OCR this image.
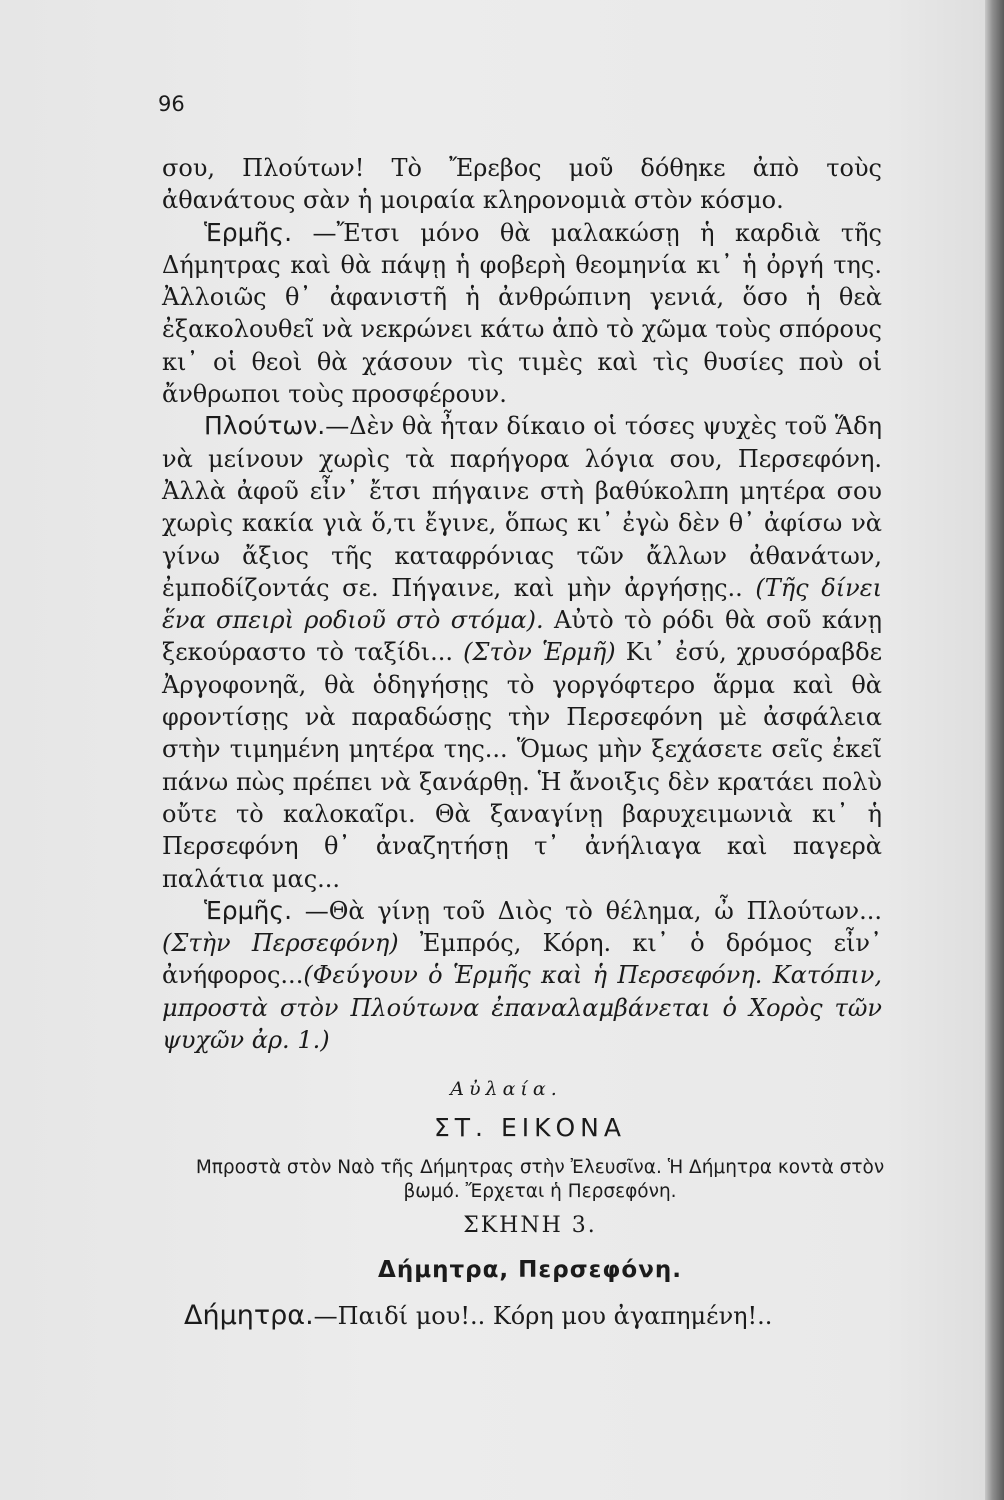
96

σου, Πλούτων! Τὸ Ἔρεβος μοῦ δόθηκε ἀπὸ τοὺς ἀθανάτους σὰν ἡ μοιραία κληρονομιὰ στὸν κόσμο.

Ἑρμῆς. —Ἔτσι μόνο θὰ μαλακώσῃ ἡ καρδιὰ τῆς Δήμητρας καὶ θὰ πάψῃ ἡ φοβερὴ θεομηνία κι᾿ ἡ ὀργή της. Ἀλλοιῶς θ᾿ ἀφανιστῆ ἡ ἀνθρώπινη γενιά, ὅσο ἡ θεὰ ἐξακολουθεῖ νὰ νεκρώνει κάτω ἀπὸ τὸ χῶμα τοὺς σπόρους κι᾿ οἱ θεοὶ θὰ χάσουν τὶς τιμὲς καὶ τὶς θυσίες ποὺ οἱ ἄνθρωποι τοὺς προσφέρουν.

Πλούτων.—Δὲν θὰ ἦταν δίκαιο οἱ τόσες ψυχὲς τοῦ Ἅδη νὰ μείνουν χωρὶς τὰ παρήγορα λόγια σου, Περσεφόνη. Ἀλλὰ ἀφοῦ εἶν᾿ ἔτσι πήγαινε στὴ βαθύκολπη μητέρα σου χωρὶς κακία γιὰ ὅ,τι ἔγινε, ὅπως κι᾿ ἐγὼ δὲν θ᾿ ἀφίσω νὰ γίνω ἄξιος τῆς καταφρόνιας τῶν ἄλλων ἀθανάτων, ἐμποδίζοντάς σε. Πήγαινε, καὶ μὴν ἀργήσῃς.. (Τῆς δίνει ἕνα σπειρὶ ροδιοῦ στὸ στόμα). Αὐτὸ τὸ ρόδι θὰ σοῦ κάνῃ ξεκούραστο τὸ ταξίδι... (Στὸν Ἑρμῆ) Κι᾿ ἐσύ, χρυσόραβδε Ἀργοφονηᾶ, θὰ ὁδηγήσῃς τὸ γοργόφτερο ἅρμα καὶ θὰ φροντίσῃς νὰ παραδώσῃς τὴν Περσεφόνη μὲ ἀσφάλεια στὴν τιμημένη μητέρα της... Ὅμως μὴν ξεχάσετε σεῖς ἐκεῖ πάνω πὼς πρέπει νὰ ξανάρθῃ. Ἡ ἄνοιξις δὲν κρατάει πολὺ οὔτε τὸ καλοκαῖρι. Θὰ ξαναγίνῃ βαρυχειμωνιὰ κι᾿ ἡ Περσεφόνη θ᾿ ἀναζητήσῃ τ᾿ ἀνήλιαγα καὶ παγερὰ παλάτια μας...

Ἑρμῆς. —Θὰ γίνῃ τοῦ Διὸς τὸ θέλημα, ὦ Πλούτων... (Στὴν Περσεφόνη) Ἐμπρός, Κόρη. κι᾿ ὁ δρόμος εἶν᾿ ἀνήφορος...(Φεύγουν ὁ Ἑρμῆς καὶ ἡ Περσεφόνη. Κατόπιν, μπροστὰ στὸν Πλούτωνα ἐπαναλαμβάνεται ὁ Χορὸς τῶν ψυχῶν ἀρ. 1.)

Αὐλαία.
ΣΤ. ΕΙΚΟΝΑ
Μπροστὰ στὸν Ναὸ τῆς Δήμητρας στὴν Ἐλευσῖνα. Ἡ Δήμητρα κοντὰ στὸν βωμό. Ἔρχεται ἡ Περσεφόνη.
ΣΚΗΝΗ 3.
Δήμητρα, Περσεφόνη.
Δήμητρα.—Παιδί μου!.. Κόρη μου ἀγαπημένη!..
